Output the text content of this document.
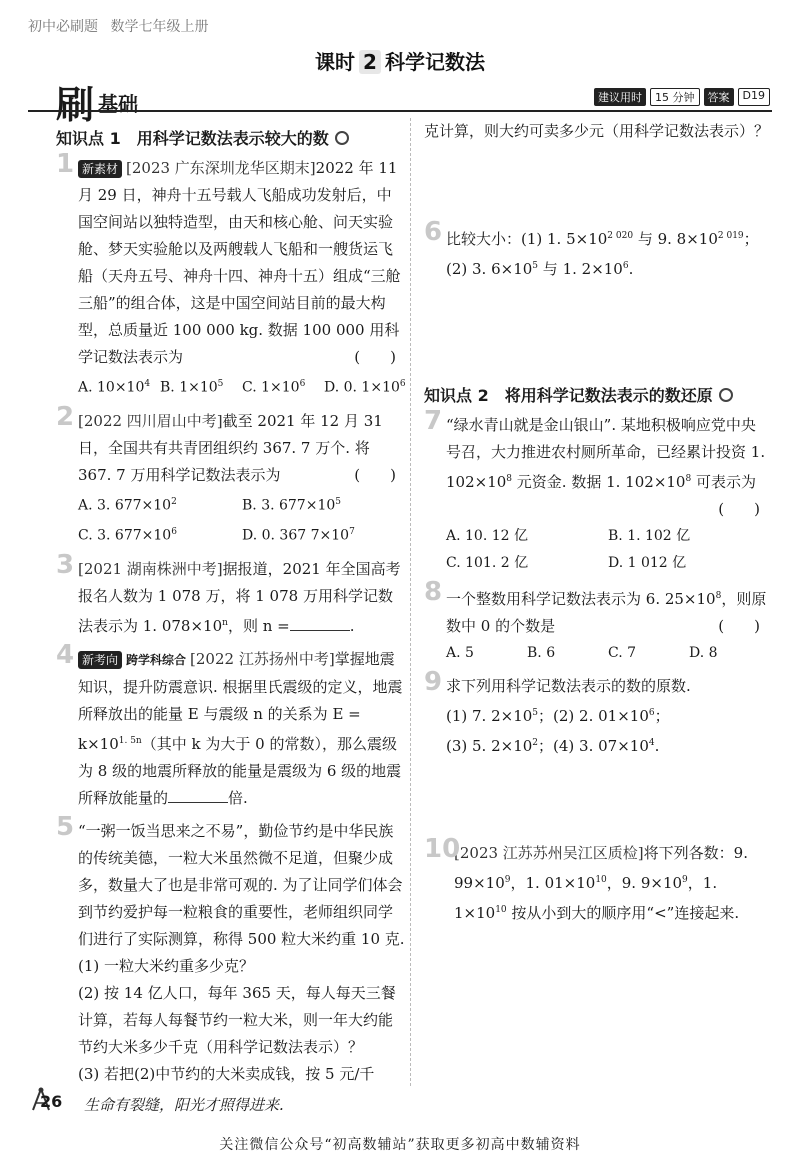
初中必刷题 数学七年级上册
课时 2 科学记数法
刷 基础	建议用时	15 分钟	答案	D19
知识点 1　用科学记数法表示较大的数
1 新素材 [2023 广东深圳龙华区期末]2022 年 11 月 29 日，神舟十五号载人飞船成功发射后，中国空间站以独特造型，由天和核心舱、问天实验舱、梦天实验舱以及两艘载人飞船和一艘货运飞船（天舟五号、神舟十四、神舟十五）组成“三舱三船”的组合体，这是中国空间站目前的最大构型，总质量近 100 000 kg. 数据 100 000 用科学记数法表示为	(　　)
A. $10\times 10^4$ B. $1\times 10^5$	C. $1\times 10^6$	D. 0. $1\times 10^6$
2 [2022 四川眉山中考]截至 2021 年 12 月 31 日，全国共有共青团组织约 367. 7 万个. 将 367. 7 万用科学记数法表示为	(　　)
A. 3. $677\times 10^2$	B. 3. $677\times 10^5$
C. 3. $677\times 10^6$	D. 0. 367 $7\times 10^7$
3 [2021 湖南株洲中考]据报道，2021 年全国高考报名人数为 1 078 万，将 1 078 万用科学记数法表示为 1. $078\times 10^n$，则 n =	.
4 新考向 跨学科综合 [2022 江苏扬州中考]掌握地震知识，提升防震意识. 根据里氏震级的定义，地震所释放出的能量 E 与震级 n 的关系为 $E = k\times 10^{1. 5n}$（其中 k 为大于 0 的常数），那么震级为 8 级的地震所释放的能量是震级为 6 级的地震所释放能量的	倍.
5 “一粥一饭当思来之不易”，勤俭节约是中华民族的传统美德，一粒大米虽然微不足道，但聚少成多，数量大了也是非常可观的. 为了让同学们体会到节约爱护每一粒粮食的重要性，老师组织同学们进行了实际测算，称得 500 粒大米约重 10 克.
(1) 一粒大米约重多少克？
(2) 按 14 亿人口，每年 365 天，每人每天三餐计算，若每人每餐节约一粒大米，则一年大约能节约大米多少千克（用科学记数法表示）？
(3) 若把(2)中节约的大米卖成钱，按 5 元/千
克计算，则大约可卖多少元（用科学记数法表示）？
6 比较大小：(1) 1. $5\times 10^{2 020}$ 与 9. $8\times 10^{2 019}$；
(2) 3. $6\times 10^5$ 与 1. $2\times 10^6$.
知识点 2　将用科学记数法表示的数还原
7 “绿水青山就是金山银山”. 某地积极响应党中央号召，大力推进农村厕所革命，已经累计投资 1. $102\times 10^8$ 元资金. 数据 1. $102\times 10^8$ 可表示为
(　　)
A. 10. 12 亿	B. 1. 102 亿
C. 101. 2 亿	D. 1 012 亿
8 一个整数用科学记数法表示为 6. $25\times 10^8$，则原数中 0 的个数是	(　　)
A. 5	B. 6	C. 7	D. 8
9 求下列用科学记数法表示的数的原数.
(1) 7. $2\times 10^5$；(2) 2. $01\times 10^6$；
(3) 5. $2\times 10^2$；(4) 3. $07\times 10^4$.
10
[2023 江苏苏州吴江区质检]将下列各数：9. $99\times 10^9$，1. $01\times 10^{10}$，9. $9\times 10^9$，1. $1\times 10^{10}$ 按从小到大的顺序用“<”连接起来.
26 生命有裂缝，阳光才照得进来.
关注微信公众号“初高数辅站”获取更多初高中数辅资料
